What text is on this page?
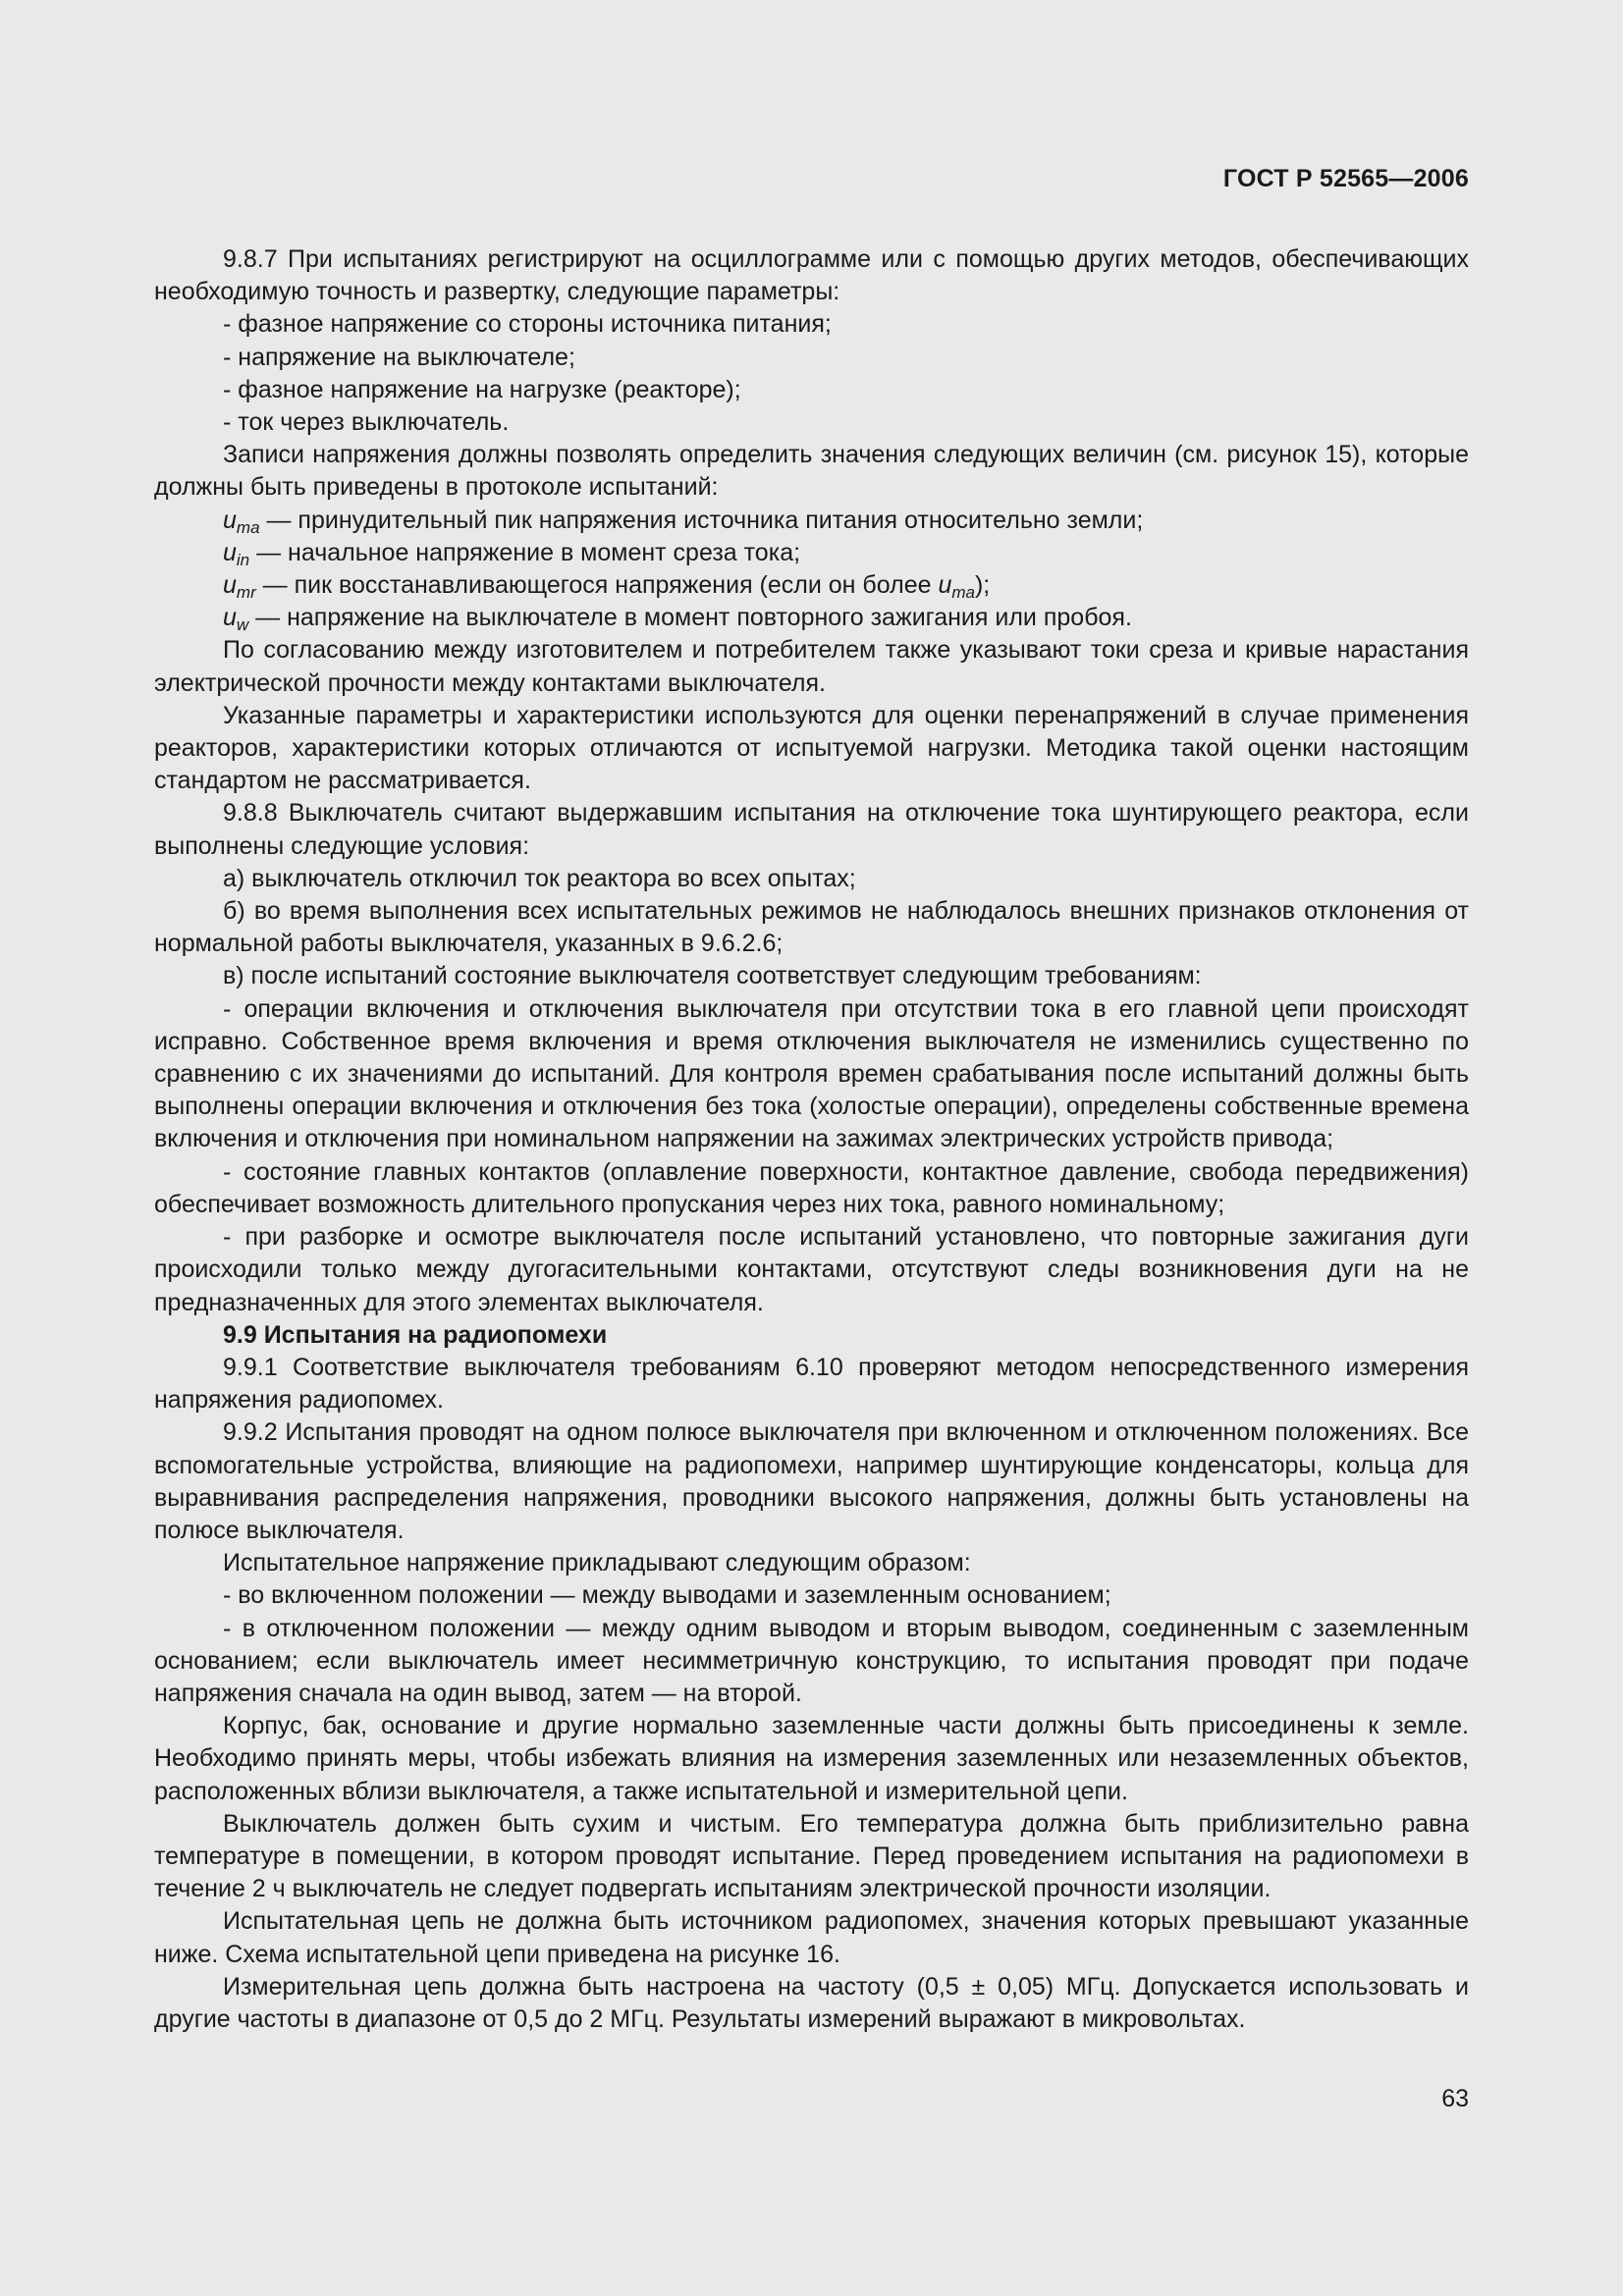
ГОСТ Р 52565—2006

9.8.7 При испытаниях регистрируют на осциллограмме или с помощью других методов, обеспечивающих необходимую точность и развертку, следующие параметры:

- фазное напряжение со стороны источника питания;

- напряжение на выключателе;

- фазное напряжение на нагрузке (реакторе);

- ток через выключатель.

Записи напряжения должны позволять определить значения следующих величин (см. рисунок 15), которые должны быть приведены в протоколе испытаний:

$u_{ma}$ — принудительный пик напряжения источника питания относительно земли;

$u_{in}$ — начальное напряжение в момент среза тока;

$u_{mr}$ — пик восстанавливающегося напряжения (если он более $u_{ma}$);

$u_w$ — напряжение на выключателе в момент повторного зажигания или пробоя.

По согласованию между изготовителем и потребителем также указывают токи среза и кривые нарастания электрической прочности между контактами выключателя.

Указанные параметры и характеристики используются для оценки перенапряжений в случае применения реакторов, характеристики которых отличаются от испытуемой нагрузки. Методика такой оценки настоящим стандартом не рассматривается.

9.8.8 Выключатель считают выдержавшим испытания на отключение тока шунтирующего реактора, если выполнены следующие условия:

а) выключатель отключил ток реактора во всех опытах;

б) во время выполнения всех испытательных режимов не наблюдалось внешних признаков отклонения от нормальной работы выключателя, указанных в 9.6.2.6;

в) после испытаний состояние выключателя соответствует следующим требованиям:

- операции включения и отключения выключателя при отсутствии тока в его главной цепи происходят исправно. Собственное время включения и время отключения выключателя не изменились существенно по сравнению с их значениями до испытаний. Для контроля времен срабатывания после испытаний должны быть выполнены операции включения и отключения без тока (холостые операции), определены собственные времена включения и отключения при номинальном напряжении на зажимах электрических устройств привода;

- состояние главных контактов (оплавление поверхности, контактное давление, свобода передвижения) обеспечивает возможность длительного пропускания через них тока, равного номинальному;

- при разборке и осмотре выключателя после испытаний установлено, что повторные зажигания дуги происходили только между дугогасительными контактами, отсутствуют следы возникновения дуги на не предназначенных для этого элементах выключателя.

9.9 Испытания на радиопомехи

9.9.1 Соответствие выключателя требованиям 6.10 проверяют методом непосредственного измерения напряжения радиопомех.

9.9.2 Испытания проводят на одном полюсе выключателя при включенном и отключенном положениях. Все вспомогательные устройства, влияющие на радиопомехи, например шунтирующие конденсаторы, кольца для выравнивания распределения напряжения, проводники высокого напряжения, должны быть установлены на полюсе выключателя.

Испытательное напряжение прикладывают следующим образом:

- во включенном положении — между выводами и заземленным основанием;

- в отключенном положении — между одним выводом и вторым выводом, соединенным с заземленным основанием; если выключатель имеет несимметричную конструкцию, то испытания проводят при подаче напряжения сначала на один вывод, затем — на второй.

Корпус, бак, основание и другие нормально заземленные части должны быть присоединены к земле. Необходимо принять меры, чтобы избежать влияния на измерения заземленных или незаземленных объектов, расположенных вблизи выключателя, а также испытательной и измерительной цепи.

Выключатель должен быть сухим и чистым. Его температура должна быть приблизительно равна температуре в помещении, в котором проводят испытание. Перед проведением испытания на радиопомехи в течение 2 ч выключатель не следует подвергать испытаниям электрической прочности изоляции.

Испытательная цепь не должна быть источником радиопомех, значения которых превышают указанные ниже. Схема испытательной цепи приведена на рисунке 16.

Измерительная цепь должна быть настроена на частоту (0,5 ± 0,05) МГц. Допускается использовать и другие частоты в диапазоне от 0,5 до 2 МГц. Результаты измерений выражают в микровольтах.

63
